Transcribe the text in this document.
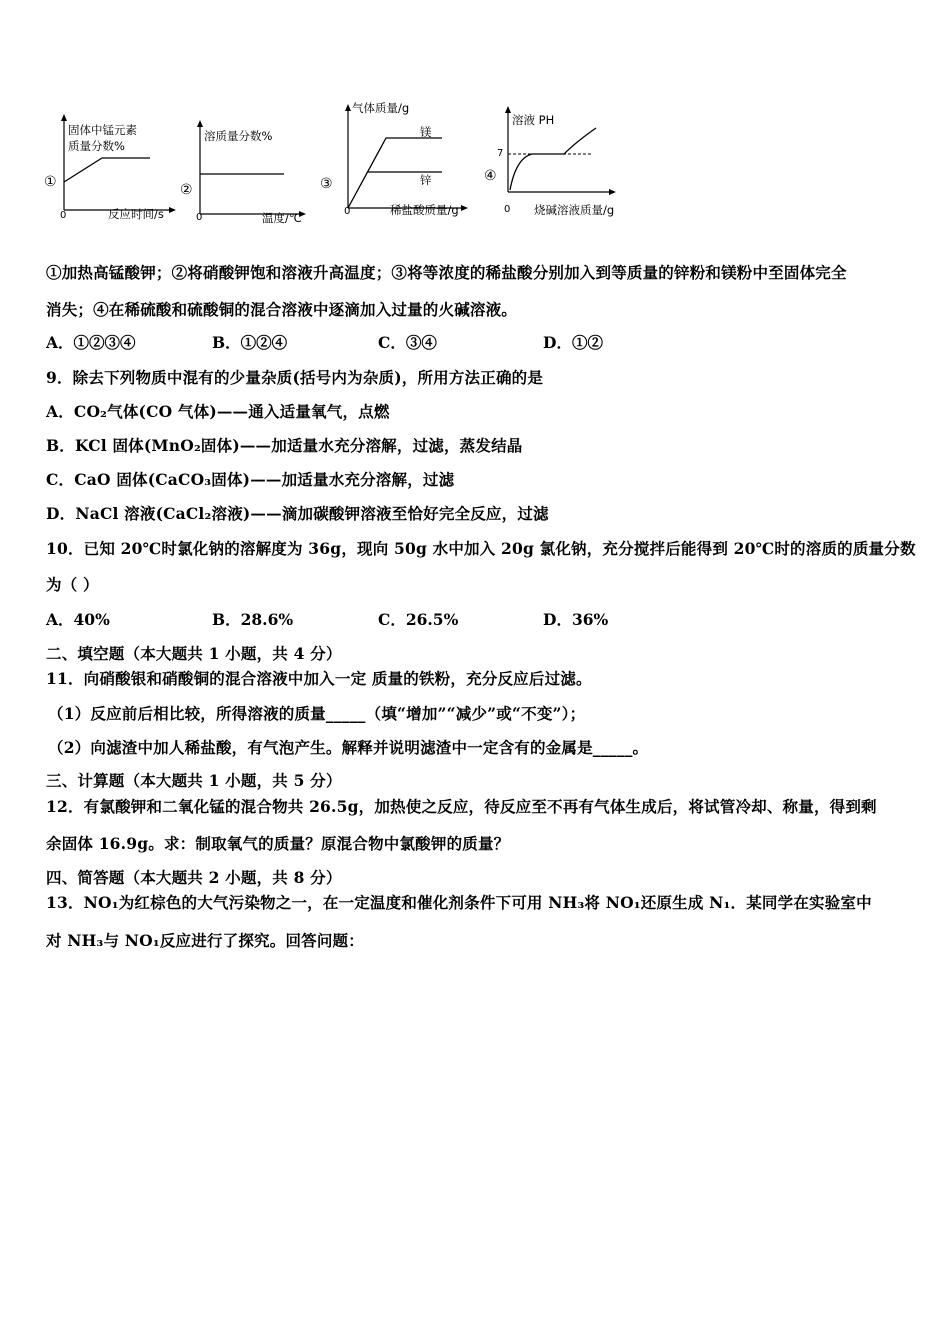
固体中锰元素
质量分数%
①
0	反应时间/s
溶质量分数%
②
0	温度/℃
气体质量/g
镁
锌
③
0	稀盐酸质量/g
溶液 PH
7
④
0 烧碱溶液质量/g
①加热高锰酸钾；②将硝酸钾饱和溶液升高温度；③将等浓度的稀盐酸分别加入到等质量的锌粉和镁粉中至固体完全
消失；④在稀硫酸和硫酸铜的混合溶液中逐滴加入过量的火碱溶液。
A．①②③④	B．①②④	C．③④	D．①②
9．除去下列物质中混有的少量杂质(括号内为杂质)，所用方法正确的是
A．CO₂气体(CO 气体)——通入适量氧气，点燃
B．KCl 固体(MnO₂固体)——加适量水充分溶解，过滤，蒸发结晶
C．CaO 固体(CaCO₃固体)——加适量水充分溶解，过滤
D．NaCl 溶液(CaCl₂溶液)——滴加碳酸钾溶液至恰好完全反应，过滤
10．已知 20℃时氯化钠的溶解度为 36g，现向 50g 水中加入 20g 氯化钠，充分搅拌后能得到 20℃时的溶质的质量分数
为（ ）
A．40%	B．28.6%	C．26.5%	D．36%
二、填空题（本大题共 1 小题，共 4 分）
11．向硝酸银和硝酸铜的混合溶液中加入一定 质量的铁粉，充分反应后过滤。
（1）反应前后相比较，所得溶液的质量_____（填“增加”“减少”或“不变”）；
（2）向滤渣中加人稀盐酸，有气泡产生。解释并说明滤渣中一定含有的金属是_____。
三、计算题（本大题共 1 小题，共 5 分）
12．有氯酸钾和二氧化锰的混合物共 26.5g，加热使之反应，待反应至不再有气体生成后，将试管冷却、称量，得到剩
余固体 16.9g。求：制取氧气的质量？原混合物中氯酸钾的质量？
四、简答题（本大题共 2 小题，共 8 分）
13．NO₁为红棕色的大气污染物之一，在一定温度和催化剂条件下可用 NH₃将 NO₁还原生成 N₁．某同学在实验室中
对 NH₃与 NO₁反应进行了探究。回答问题：
